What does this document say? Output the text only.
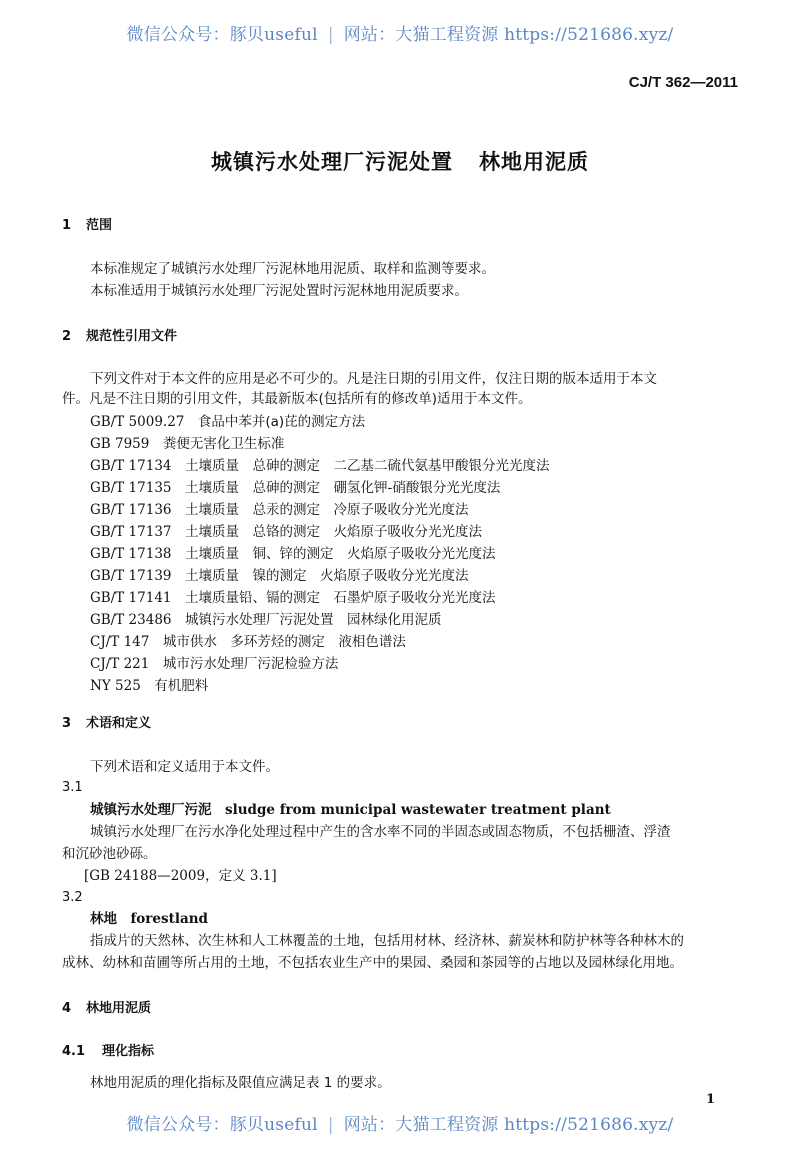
微信公众号：豚贝useful | 网站：大猫工程资源 https://521686.xyz/
CJ/T 362—2011
城镇污水处理厂污泥处置 林地用泥质
1 范围
本标准规定了城镇污水处理厂污泥林地用泥质、取样和监测等要求。
本标准适用于城镇污水处理厂污泥处置时污泥林地用泥质要求。
2 规范性引用文件
下列文件对于本文件的应用是必不可少的。凡是注日期的引用文件，仅注日期的版本适用于本文
件。凡是不注日期的引用文件，其最新版本(包括所有的修改单)适用于本文件。
GB/T 5009.27　 食品中苯并(a)芘的测定方法
GB 7959　 粪便无害化卫生标准
GB/T 17134　 土壤质量　总砷的测定　二乙基二硫代氨基甲酸银分光光度法
GB/T 17135　 土壤质量　总砷的测定　硼氢化钾-硝酸银分光光度法
GB/T 17136　 土壤质量　总汞的测定　冷原子吸收分光光度法
GB/T 17137　 土壤质量　总铬的测定　火焰原子吸收分光光度法
GB/T 17138　 土壤质量　铜、锌的测定　火焰原子吸收分光光度法
GB/T 17139　 土壤质量　镍的测定　火焰原子吸收分光光度法
GB/T 17141　 土壤质量铅、镉的测定　石墨炉原子吸收分光光度法
GB/T 23486　 城镇污水处理厂污泥处置　园林绿化用泥质
CJ/T 147　 城市供水　多环芳烃的测定　液相色谱法
CJ/T 221　 城市污水处理厂污泥检验方法
NY 525　 有机肥料
3 术语和定义
下列术语和定义适用于本文件。
3.1
城镇污水处理厂污泥　 sludge from municipal wastewater treatment plant
城镇污水处理厂在污水净化处理过程中产生的含水率不同的半固态或固态物质，不包括栅渣、浮渣
和沉砂池砂砾。
[GB 24188—2009，定义 3.1]
3.2
林地　 forestland
指成片的天然林、次生林和人工林覆盖的土地，包括用材林、经济林、薪炭林和防护林等各种林木的
成林、幼林和苗圃等所占用的土地，不包括农业生产中的果园、桑园和茶园等的占地以及园林绿化用地。
4 林地用泥质
4.1 理化指标
林地用泥质的理化指标及限值应满足表 1 的要求。
1
微信公众号：豚贝useful | 网站：大猫工程资源 https://521686.xyz/
